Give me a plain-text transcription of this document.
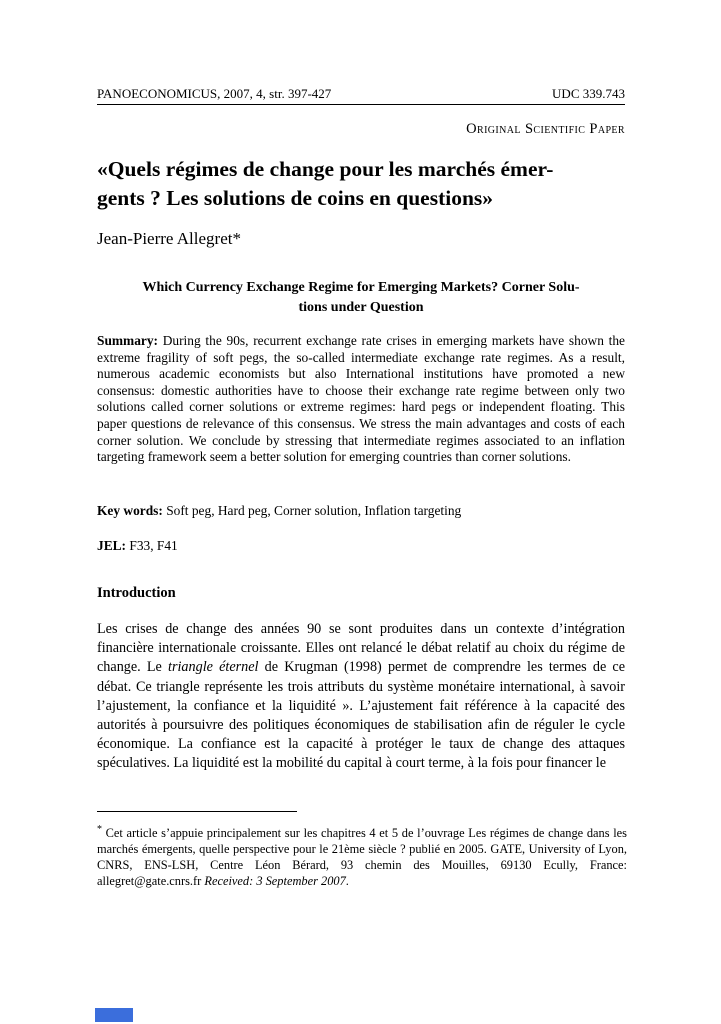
PANOECONOMICUS, 2007, 4, str. 397-427	UDC 339.743
Original Scientific Paper
«Quels régimes de change pour les marchés émer-
gents ? Les solutions de coins en questions»
Jean-Pierre Allegret*
Which Currency Exchange Regime for Emerging Markets? Corner Solu-
tions under Question
Summary: During the 90s, recurrent exchange rate crises in emerging markets have shown the extreme fragility of soft pegs, the so-called intermediate exchange rate regimes. As a result, numerous academic economists but also International institutions have promoted a new consensus: domestic authorities have to choose their exchange rate regime between only two solutions called corner solutions or extreme regimes: hard pegs or independent floating. This paper questions de relevance of this consensus. We stress the main advantages and costs of each corner solution. We conclude by stressing that intermediate regimes associated to an inflation targeting framework seem a better solution for emerging countries than corner solutions.
Key words: Soft peg, Hard peg, Corner solution, Inflation targeting
JEL: F33, F41
Introduction
Les crises de change des années 90 se sont produites dans un contexte d’intégration financière internationale croissante. Elles ont relancé le débat relatif au choix du régime de change. Le triangle éternel de Krugman (1998) permet de comprendre les termes de ce débat. Ce triangle représente les trois attributs du système monétaire international, à savoir l’ajustement, la confiance et la liquidité ». L’ajustement fait référence à la capacité des autorités à poursuivre des politiques économiques de stabilisation afin de réguler le cycle économique. La confiance est la capacité à protéger le taux de change des attaques spéculatives. La liquidité est la mobilité du capital à court terme, à la fois pour financer le
* Cet article s’appuie principalement sur les chapitres 4 et 5 de l’ouvrage Les régimes de change dans les marchés émergents, quelle perspective pour le 21ème siècle ? publié en 2005. GATE, University of Lyon, CNRS, ENS-LSH, Centre Léon Bérard, 93 chemin des Mouilles, 69130 Ecully, France: allegret@gate.cnrs.fr Received: 3 September 2007.
